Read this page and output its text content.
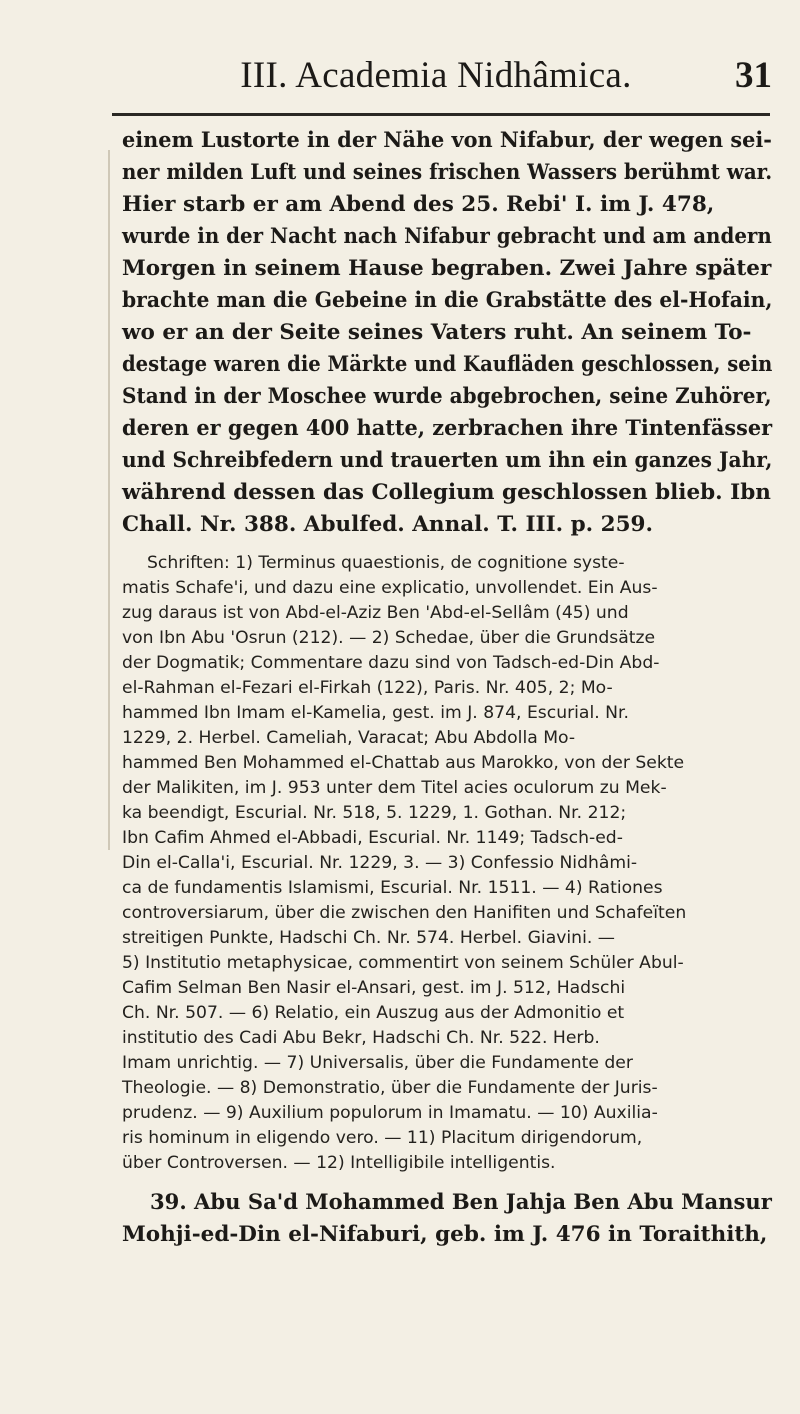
III. Academia Nidhâmica.	31
einem Lustorte in der Nähe von Nifabur, der wegen sei-
ner milden Luft und seines frischen Wassers berühmt war.
Hier starb er am Abend des 25. Rebi' I. im J. 478,
wurde in der Nacht nach Nifabur gebracht und am andern
Morgen in seinem Hause begraben. Zwei Jahre später
brachte man die Gebeine in die Grabstätte des el-Hofain,
wo er an der Seite seines Vaters ruht. An seinem To-
destage waren die Märkte und Kaufläden geschlossen, sein
Stand in der Moschee wurde abgebrochen, seine Zuhörer,
deren er gegen 400 hatte, zerbrachen ihre Tintenfässer
und Schreibfedern und trauerten um ihn ein ganzes Jahr,
während dessen das Collegium geschlossen blieb. Ibn
Chall. Nr. 388. Abulfed. Annal. T. III. p. 259.
Schriften: 1) Terminus quaestionis, de cognitione syste-
matis Schafe'i, und dazu eine explicatio, unvollendet. Ein Aus-
zug daraus ist von Abd-el-Aziz Ben 'Abd-el-Sellâm (45) und
von Ibn Abu 'Osrun (212). — 2) Schedae, über die Grundsätze
der Dogmatik; Commentare dazu sind von Tadsch-ed-Din Abd-
el-Rahman el-Fezari el-Firkah (122), Paris. Nr. 405, 2; Mo-
hammed Ibn Imam el-Kamelia, gest. im J. 874, Escurial. Nr.
1229, 2. Herbel. Cameliah, Varacat; Abu Abdolla Mo-
hammed Ben Mohammed el-Chattab aus Marokko, von der Sekte
der Malikiten, im J. 953 unter dem Titel acies oculorum zu Mek-
ka beendigt, Escurial. Nr. 518, 5. 1229, 1. Gothan. Nr. 212;
Ibn Cafim Ahmed el-Abbadi, Escurial. Nr. 1149; Tadsch-ed-
Din el-Calla'i, Escurial. Nr. 1229, 3. — 3) Confessio Nidhâmi-
ca de fundamentis Islamismi, Escurial. Nr. 1511. — 4) Rationes
controversiarum, über die zwischen den Hanifiten und Schafeïten
streitigen Punkte, Hadschi Ch. Nr. 574. Herbel. Giavini. —
5) Institutio metaphysicae, commentirt von seinem Schüler Abul-
Cafim Selman Ben Nasir el-Ansari, gest. im J. 512, Hadschi
Ch. Nr. 507. — 6) Relatio, ein Auszug aus der Admonitio et
institutio des Cadi Abu Bekr, Hadschi Ch. Nr. 522. Herb.
Imam unrichtig. — 7) Universalis, über die Fundamente der
Theologie. — 8) Demonstratio, über die Fundamente der Juris-
prudenz. — 9) Auxilium populorum in Imamatu. — 10) Auxilia-
ris hominum in eligendo vero. — 11) Placitum dirigendorum,
über Controversen. — 12) Intelligibile intelligentis.
39. Abu Sa'd Mohammed Ben Jahja Ben Abu Mansur
Mohji-ed-Din el-Nifaburi, geb. im J. 476 in Toraithith,
